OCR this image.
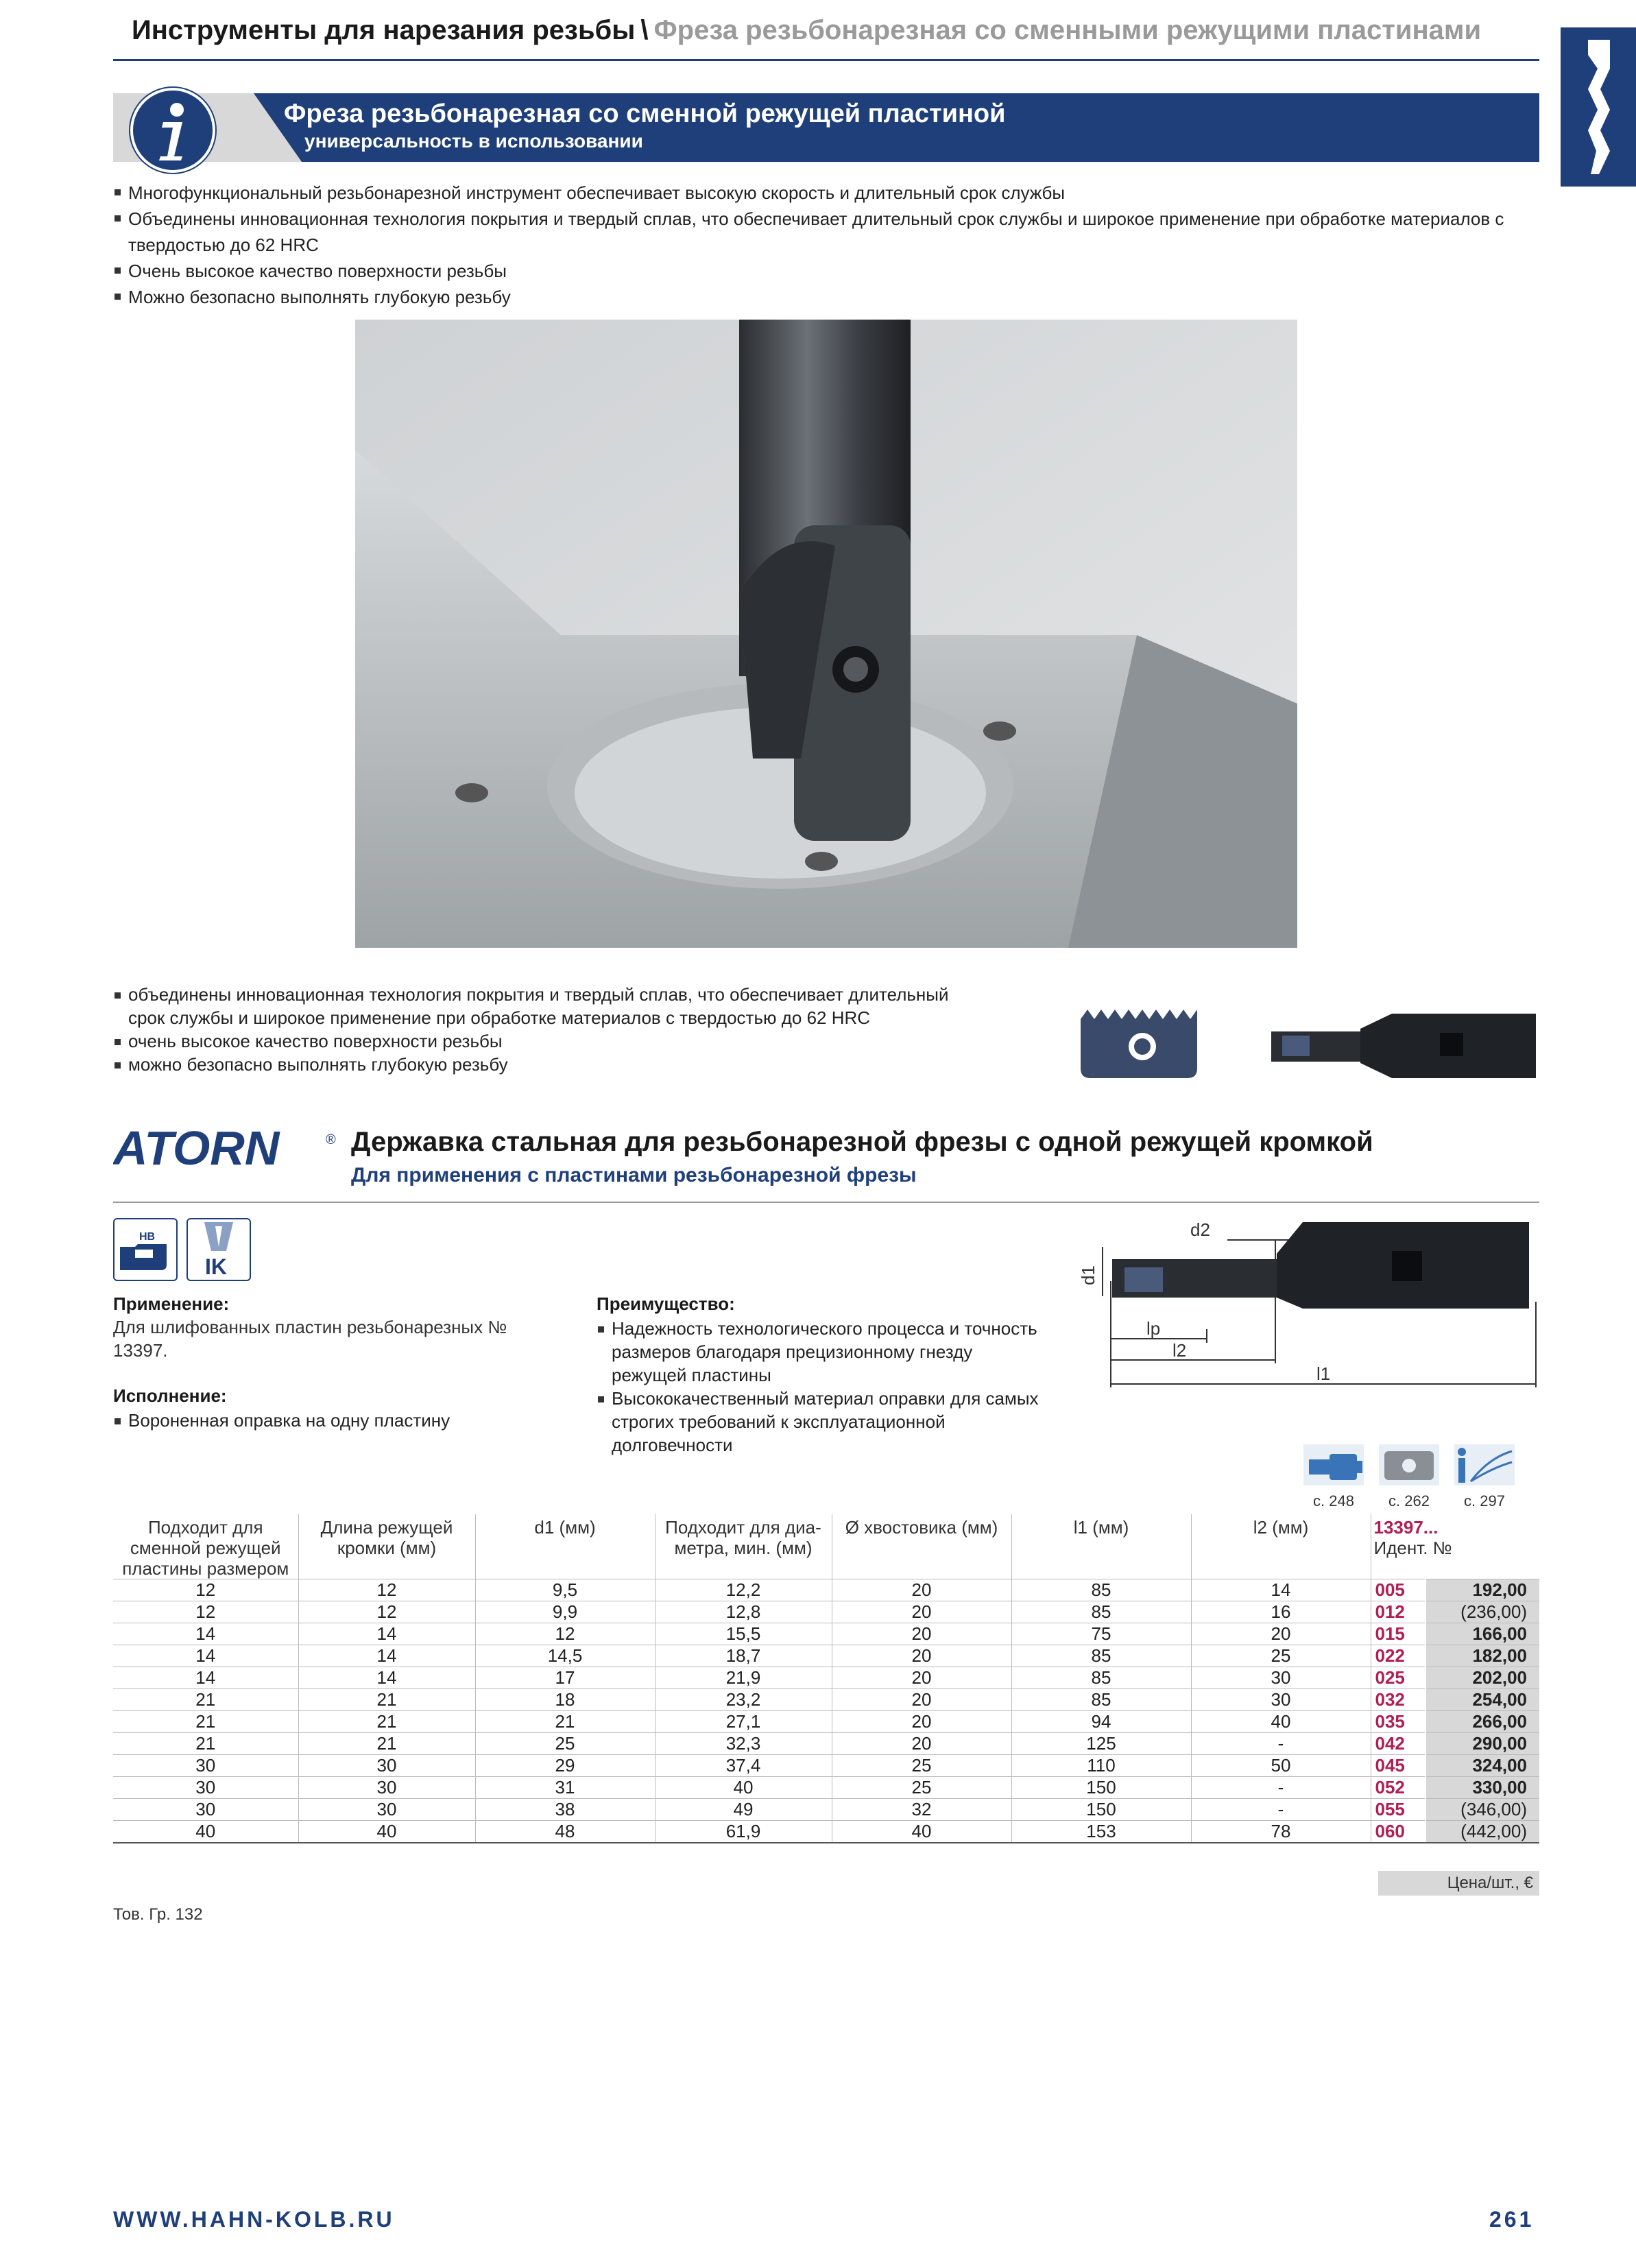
Инструменты для нарезания резьбы \ Фреза резьбонарезная со сменными режущими пластинами
Фреза резьбонарезная со сменной режущей пластиной
универсальность в использовании
Многофункциональный резьбонарезной инструмент обеспечивает высокую скорость и длительный срок службы
Объединены инновационная технология покрытия и твердый сплав, что обеспечивает длительный срок службы и широкое применение при обработке материалов с твердостью до 62 HRC
Очень высокое качество поверхности резьбы
Можно безопасно выполнять глубокую резьбу
объединены инновационная технология покрытия и твердый сплав, что обеспечивает длительный срок службы и широкое применение при обработке материалов с твердостью до 62 HRC
очень высокое качество поверхности резьбы
можно безопасно выполнять глубокую резьбу
ATORN	® Державка стальная для резьбонарезной фрезы с одной режущей кромкой
Для применения с пластинами резьбонарезной фрезы
HB
IK
Применение:
Для шлифованных пластин резьбонарезных № 13397.
Исполнение:
Вороненная оправка на одну пластину
Преимущество:
Надежность технологического процесса и точность размеров благодаря прецизионному гнезду режущей пластины
Высококачественный материал оправки для самых строгих требований к эксплуатационной долговечности
d2
d1
lp
l2
l1
с. 248	с. 262	с. 297
Подходит для сменной режущей пластины размером	Длина режущей кромки (мм)	d1 (мм)	Подходит для диа-метра, мин. (мм)	Ø хвостовика (мм)	l1 (мм)	l2 (мм)	13397...
Идент. №	
12	12	9,5	12,2	20	85	14	005	192,00
12	12	9,9	12,8	20	85	16	012	(236,00)
14	14	12	15,5	20	75	20	015	166,00
14	14	14,5	18,7	20	85	25	022	182,00
14	14	17	21,9	20	85	30	025	202,00
21	21	18	23,2	20	85	30	032	254,00
21	21	21	27,1	20	94	40	035	266,00
21	21	25	32,3	20	125	-	042	290,00
30	30	29	37,4	25	110	50	045	324,00
30	30	31	40	25	150	-	052	330,00
30	30	38	49	32	150	-	055	(346,00)
40	40	48	61,9	40	153	78	060	(442,00)
Цена/шт., €
Тов. Гр. 132
WWW.HAHN-KOLB.RU	261
